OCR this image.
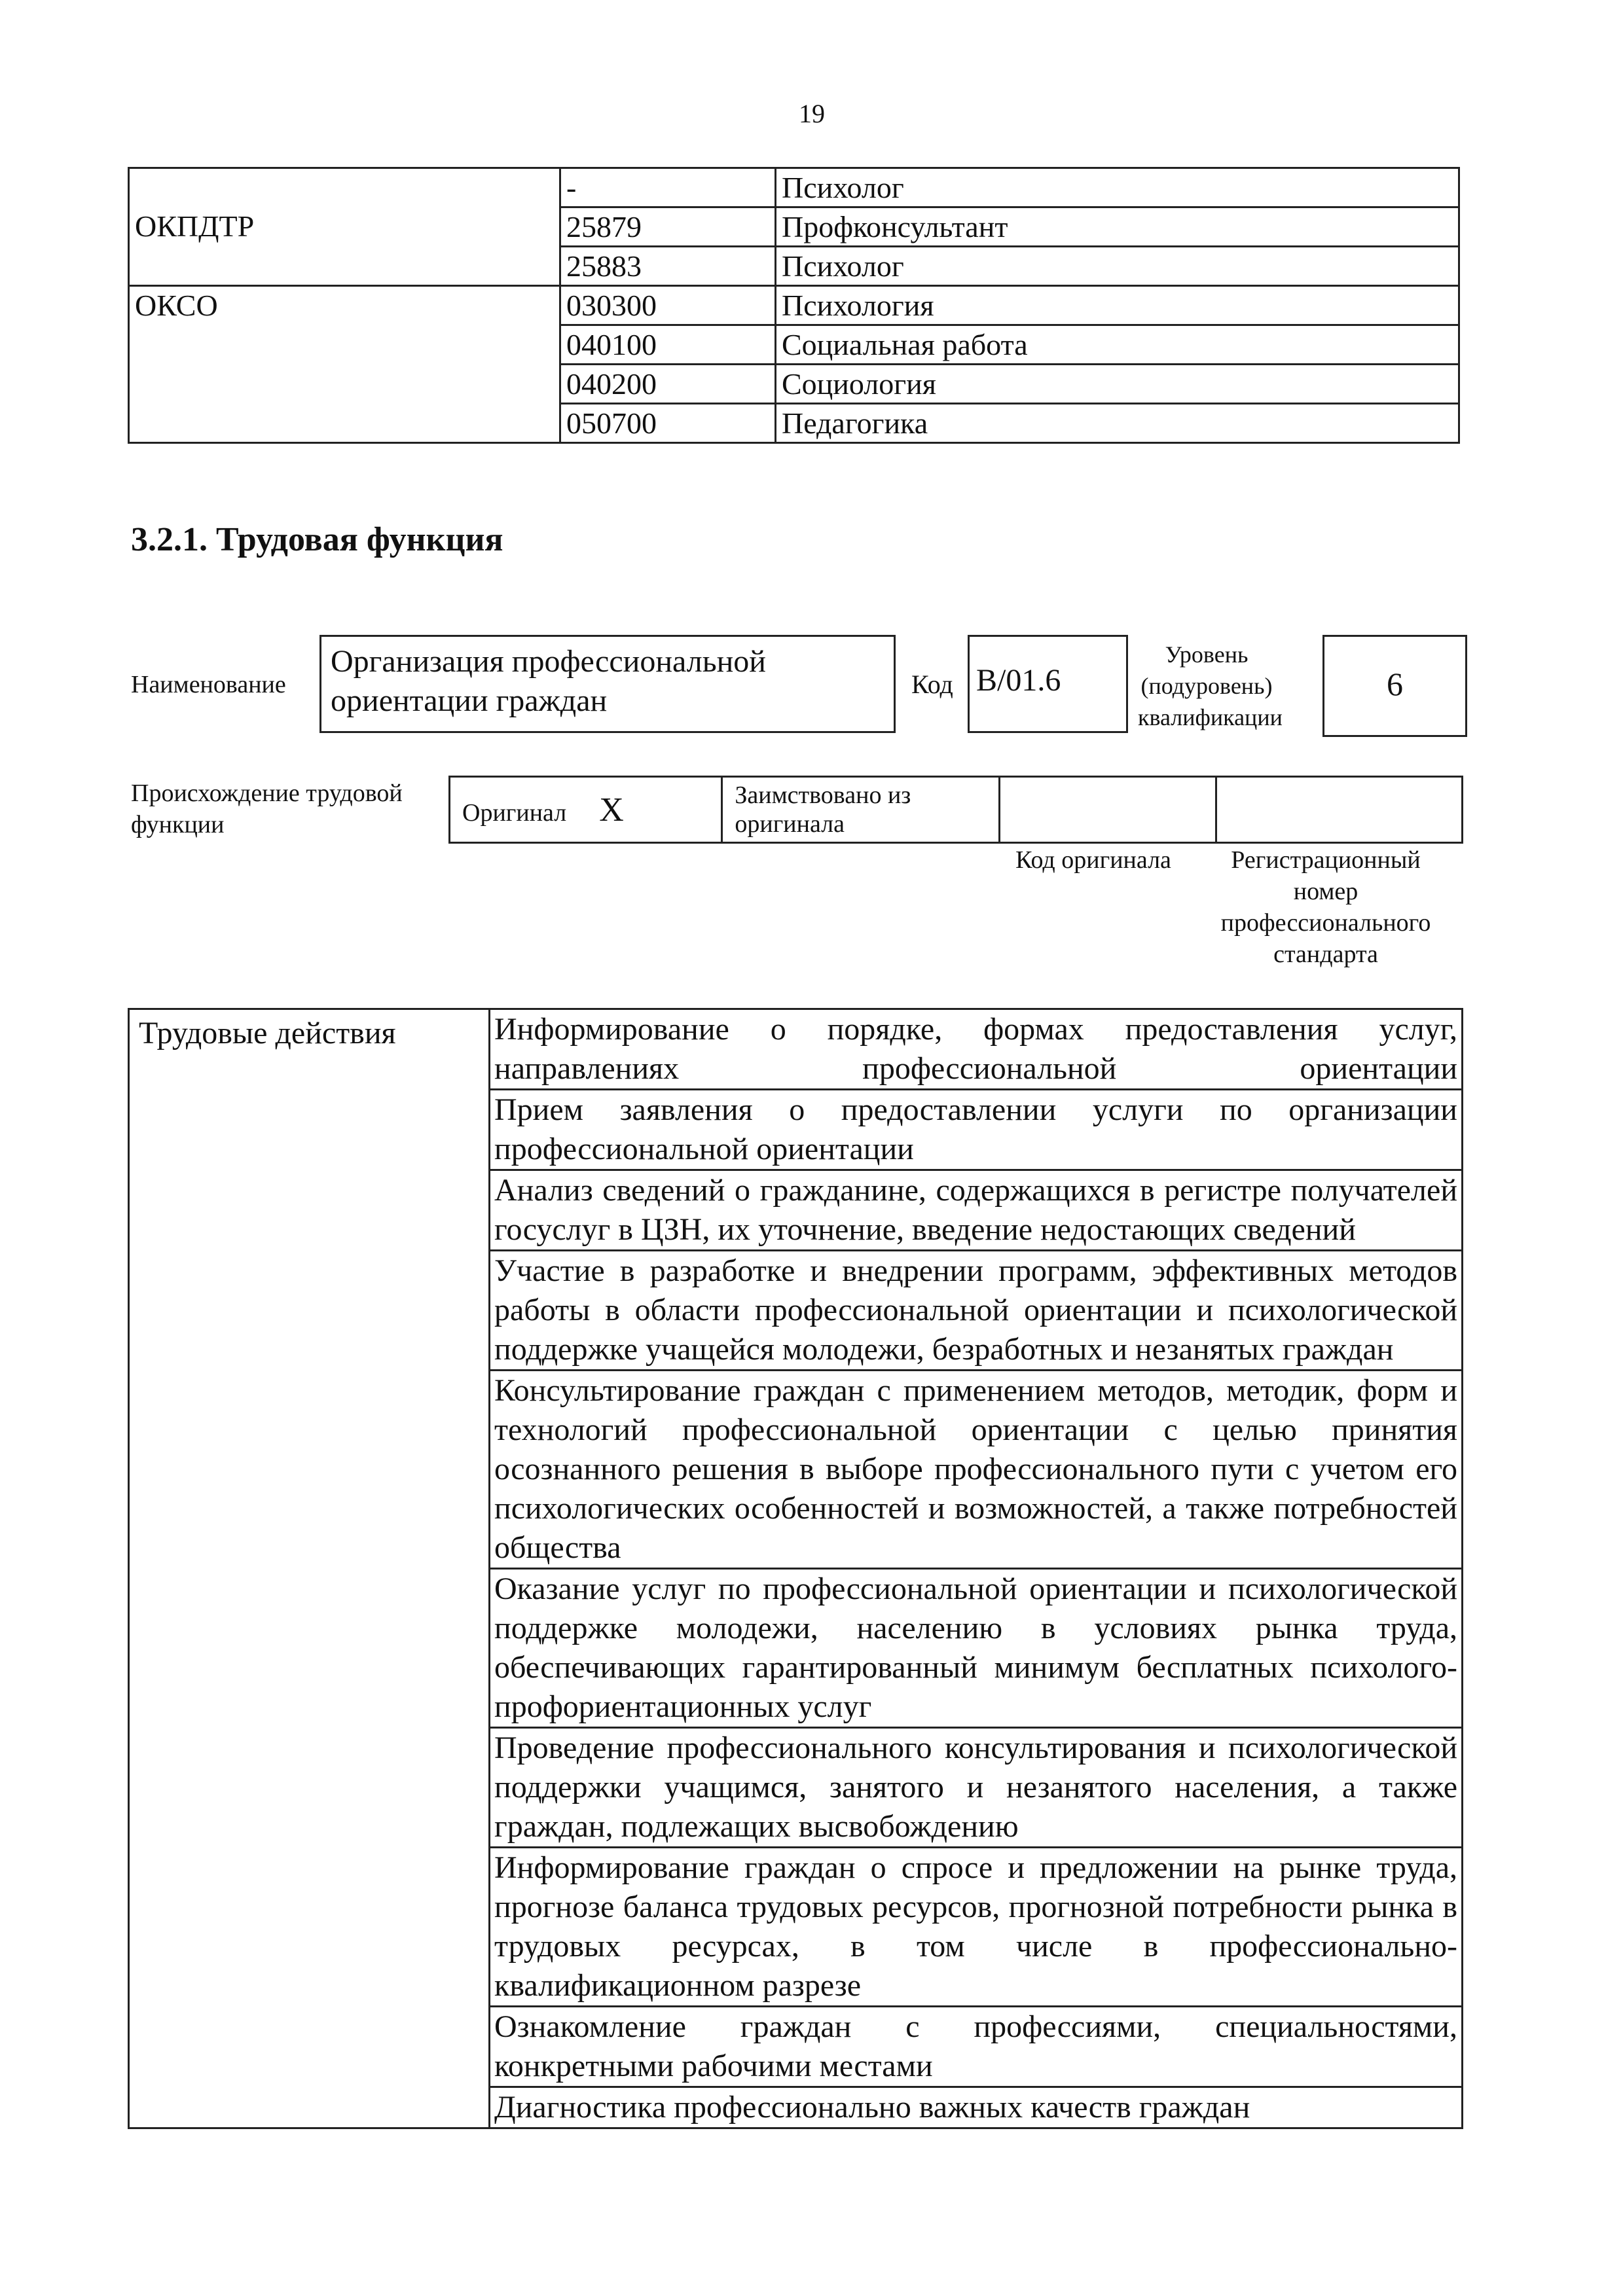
19
	-	Психолог
ОКПДТР	25879	Профконсультант
	25883	Психолог
ОКСО	030300	Психология
	040100	Социальная работа
	040200	Социология
	050700	Педагогика
3.2.1. Трудовая функция
Наименование
Организация профессиональной ориентации граждан	Код B/01.6
Уровень (подуровень) квалификации
6
Происхождение трудовой функции	Оригинал X	Заимствовано из оригинала		
Код оригинала	Регистрационный номер профессионального стандарта
Трудовые действия	Информирование о порядке, формах предоставления услуг, направлениях профессиональной ориентации
Прием заявления о предоставлении услуги по организации профессиональной ориентации
Анализ сведений о гражданине, содержащихся в регистре получателей госуслуг в ЦЗН, их уточнение, введение недостающих сведений
Участие в разработке и внедрении программ, эффективных методов работы в области профессиональной ориентации и психологической поддержке учащейся молодежи, безработных и незанятых граждан
Консультирование граждан с применением методов, методик, форм и технологий профессиональной ориентации с целью принятия осознанного решения в выборе профессионального пути с учетом его психологических особенностей и возможностей, а также потребностей общества
Оказание услуг по профессиональной ориентации и психологической поддержке молодежи, населению в условиях рынка труда, обеспечивающих гарантированный минимум бесплатных психолого-профориентационных услуг
Проведение профессионального консультирования и психологической поддержки учащимся, занятого и незанятого населения, а также граждан, подлежащих высвобождению
Информирование граждан о спросе и предложении на рынке труда, прогнозе баланса трудовых ресурсов, прогнозной потребности рынка в трудовых ресурсах, в том числе в профессионально-квалификационном разрезе
Ознакомление граждан с профессиями, специальностями, конкретными рабочими местами
Диагностика профессионально важных качеств граждан
